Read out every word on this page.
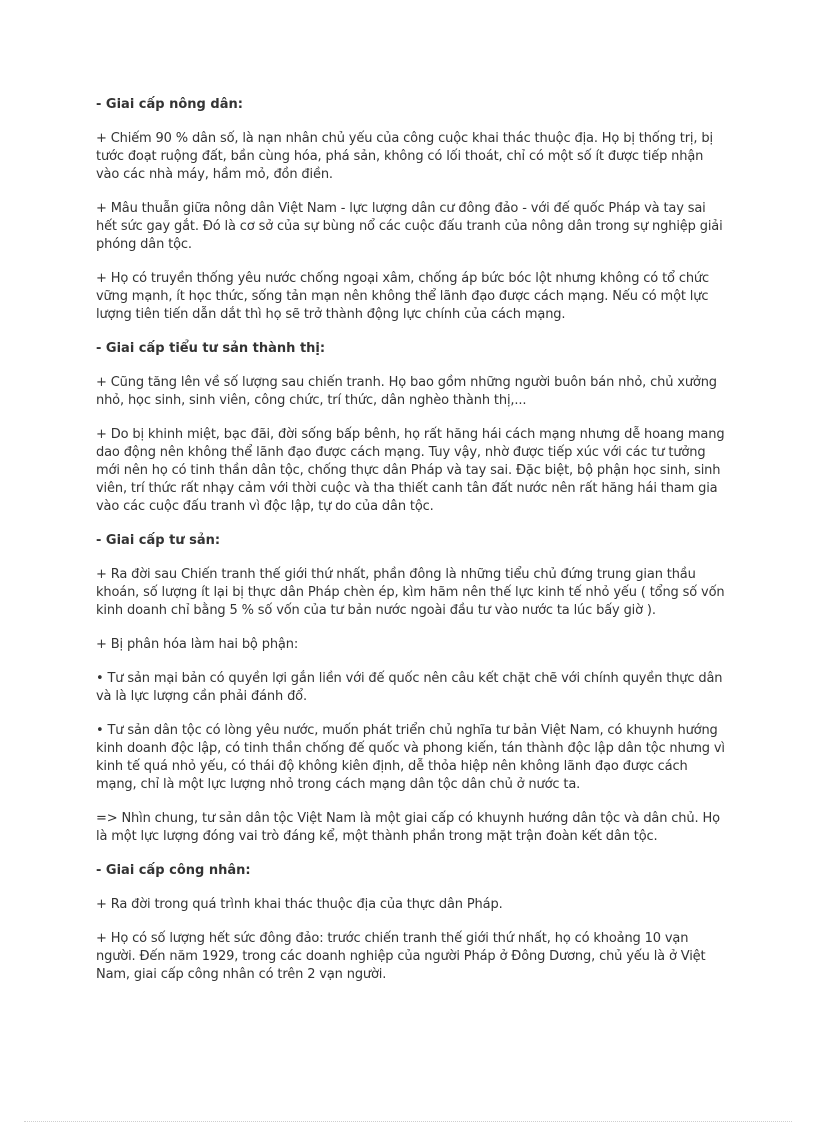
- Giai cấp nông dân:

+ Chiếm 90 % dân số, là nạn nhân chủ yếu của công cuộc khai thác thuộc địa. Họ bị thống trị, bị tước đoạt ruộng đất, bần cùng hóa, phá sản, không có lối thoát, chỉ có một số ít được tiếp nhận vào các nhà máy, hầm mỏ, đồn điền.

+ Mâu thuẫn giữa nông dân Việt Nam - lực lượng dân cư đông đảo - với đế quốc Pháp và tay sai hết sức gay gắt. Đó là cơ sở của sự bùng nổ các cuộc đấu tranh của nông dân trong sự nghiệp giải phóng dân tộc.

+ Họ có truyền thống yêu nước chống ngoại xâm, chống áp bức bóc lột nhưng không có tổ chức vững mạnh, ít học thức, sống tản mạn nên không thể lãnh đạo được cách mạng. Nếu có một lực lượng tiên tiến dẫn dắt thì họ sẽ trở thành động lực chính của cách mạng.

- Giai cấp tiểu tư sản thành thị:

+ Cũng tăng lên về số lượng sau chiến tranh. Họ bao gồm những người buôn bán nhỏ, chủ xưởng nhỏ, học sinh, sinh viên, công chức, trí thức, dân nghèo thành thị,...

+ Do bị khinh miệt, bạc đãi, đời sống bấp bênh, họ rất hăng hái cách mạng nhưng dễ hoang mang dao động nên không thể lãnh đạo được cách mạng. Tuy vậy, nhờ được tiếp xúc với các tư tưởng mới nên họ có tinh thần dân tộc, chống thực dân Pháp và tay sai. Đặc biệt, bộ phận học sinh, sinh viên, trí thức rất nhạy cảm với thời cuộc và tha thiết canh tân đất nước nên rất hăng hái tham gia vào các cuộc đấu tranh vì độc lập, tự do của dân tộc.

- Giai cấp tư sản:

+ Ra đời sau Chiến tranh thế giới thứ nhất, phần đông là những tiểu chủ đứng trung gian thầu khoán, số lượng ít lại bị thực dân Pháp chèn ép, kìm hãm nên thế lực kinh tế nhỏ yếu ( tổng số vốn kinh doanh chỉ bằng 5 % số vốn của tư bản nước ngoài đầu tư vào nước ta lúc bấy giờ ).

+ Bị phân hóa làm hai bộ phận:

• Tư sản mại bản có quyền lợi gắn liền với đế quốc nên câu kết chặt chẽ với chính quyền thực dân và là lực lượng cần phải đánh đổ.

• Tư sản dân tộc có lòng yêu nước, muốn phát triển chủ nghĩa tư bản Việt Nam, có khuynh hướng kinh doanh độc lập, có tinh thần chống đế quốc và phong kiến, tán thành độc lập dân tộc nhưng vì kinh tế quá nhỏ yếu, có thái độ không kiên định, dễ thỏa hiệp nên không lãnh đạo được cách mạng, chỉ là một lực lượng nhỏ trong cách mạng dân tộc dân chủ ở nước ta.

=> Nhìn chung, tư sản dân tộc Việt Nam là một giai cấp có khuynh hướng dân tộc và dân chủ. Họ là một lực lượng đóng vai trò đáng kể, một thành phần trong mặt trận đoàn kết dân tộc.

- Giai cấp công nhân:

+ Ra đời trong quá trình khai thác thuộc địa của thực dân Pháp.

+ Họ có số lượng hết sức đông đảo: trước chiến tranh thế giới thứ nhất, họ có khoảng 10 vạn người. Đến năm 1929, trong các doanh nghiệp của người Pháp ở Đông Dương, chủ yếu là ở Việt Nam, giai cấp công nhân có trên 2 vạn người.
